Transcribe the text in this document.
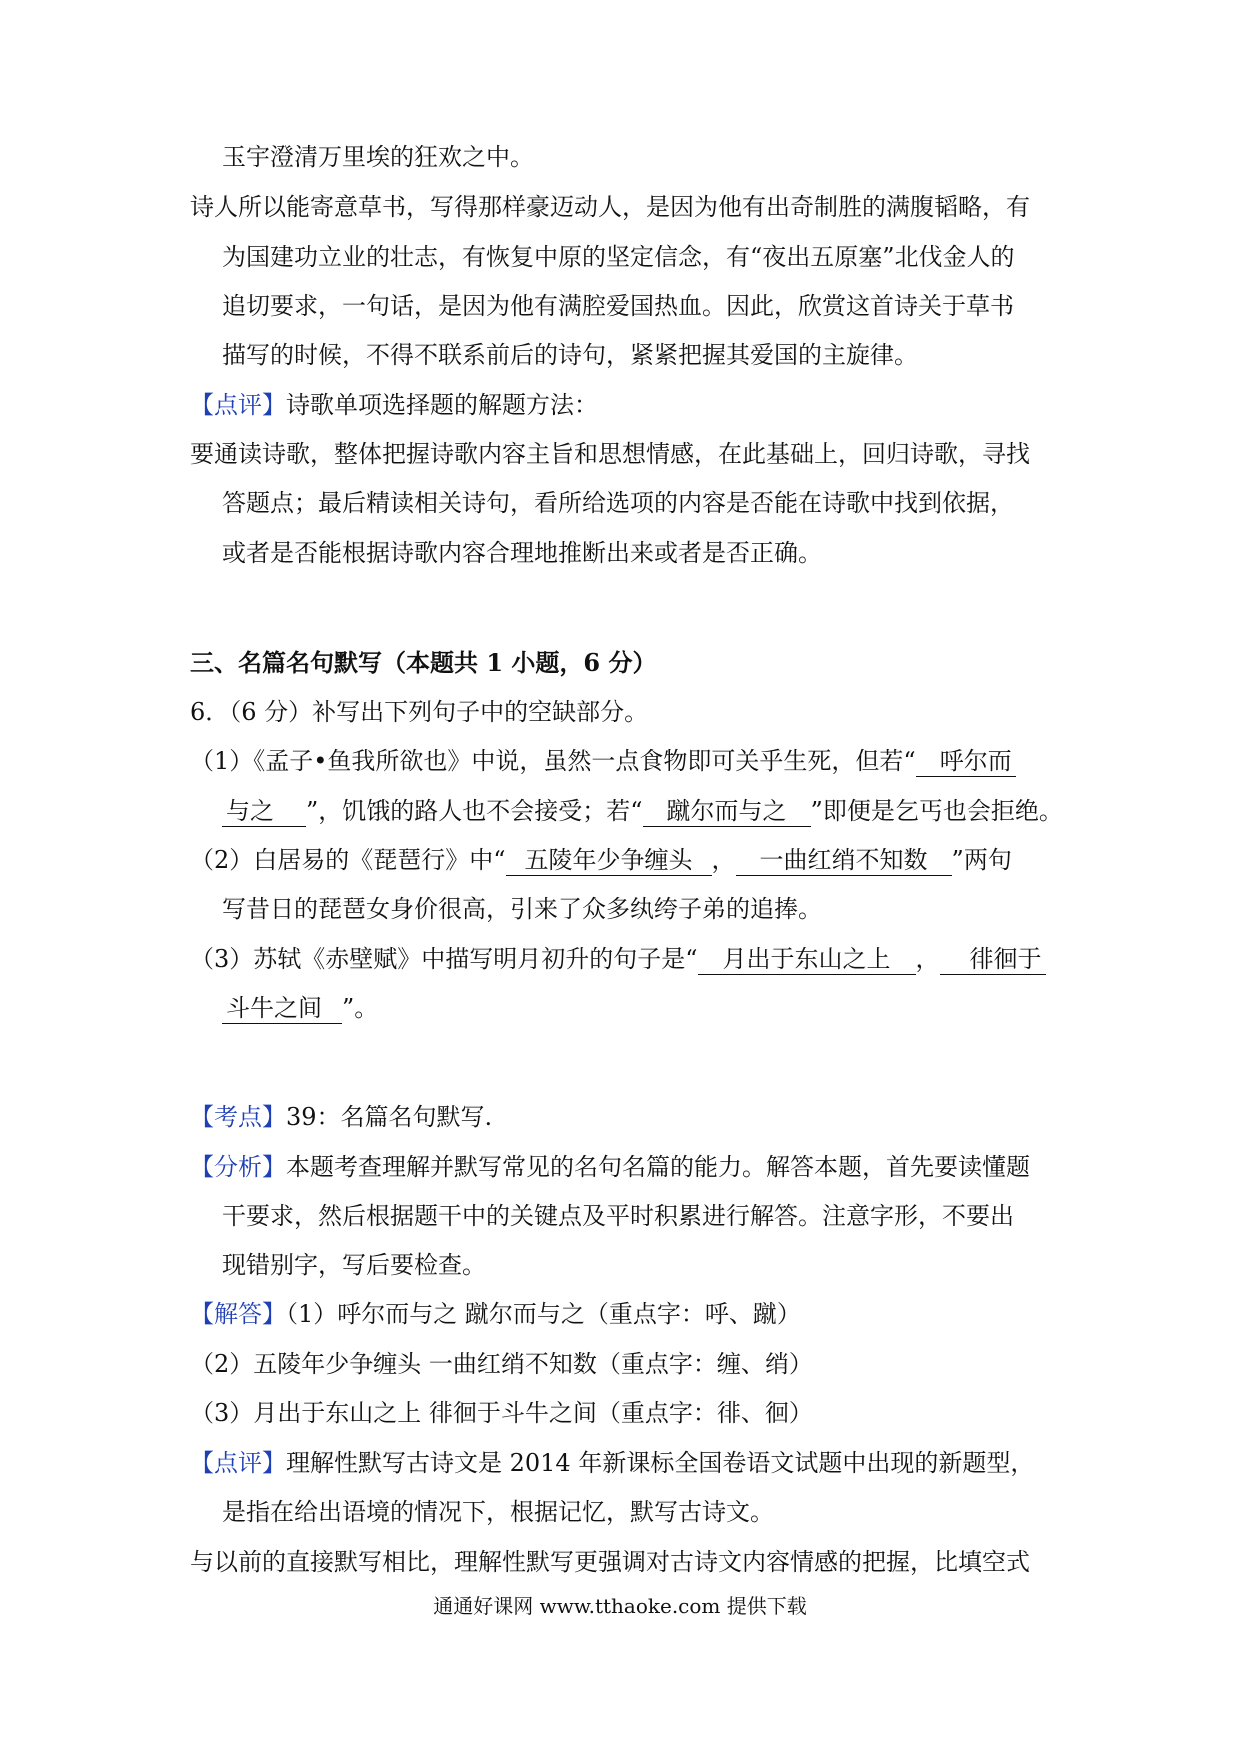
玉宇澄清万里埃的狂欢之中。
诗人所以能寄意草书，写得那样豪迈动人，是因为他有出奇制胜的满腹韬略，有
为国建功立业的壮志，有恢复中原的坚定信念，有“夜出五原塞”北伐金人的
追切要求，一句话，是因为他有满腔爱国热血。因此，欣赏这首诗关于草书
描写的时候，不得不联系前后的诗句，紧紧把握其爱国的主旋律。
【点评】诗歌单项选择题的解题方法：
要通读诗歌，整体把握诗歌内容主旨和思想情感，在此基础上，回归诗歌，寻找
答题点；最后精读相关诗句，看所给选项的内容是否能在诗歌中找到依据，
或者是否能根据诗歌内容合理地推断出来或者是否正确。
三、名篇名句默写（本题共 1 小题，6 分）
6．（6 分）补写出下列句子中的空缺部分。
（1）《孟子•鱼我所欲也》中说，虽然一点食物即可关乎生死，但若“ 呼尔而
与之 ”，饥饿的路人也不会接受；若“ 蹴尔而与之 ”即便是乞丐也会拒绝。
（2）白居易的《琵琶行》中“ 五陵年少争缠头 ， 一曲红绡不知数 ”两句
写昔日的琵琶女身价很高，引来了众多纨绔子弟的追捧。
（3）苏轼《赤壁赋》中描写明月初升的句子是“ 月出于东山之上 ， 徘徊于
斗牛之间 ”。
【考点】39：名篇名句默写.
【分析】本题考查理解并默写常见的名句名篇的能力。解答本题，首先要读懂题
干要求，然后根据题干中的关键点及平时积累进行解答。注意字形，不要出
现错别字，写后要检查。
【解答】（1）呼尔而与之 蹴尔而与之（重点字：呼、蹴）
（2）五陵年少争缠头 一曲红绡不知数（重点字：缠、绡）
（3）月出于东山之上 徘徊于斗牛之间（重点字：徘、徊）
【点评】理解性默写古诗文是 2014 年新课标全国卷语文试题中出现的新题型，
是指在给出语境的情况下，根据记忆，默写古诗文。
与以前的直接默写相比，理解性默写更强调对古诗文内容情感的把握，比填空式
通通好课网 www.tthaoke.com 提供下载
